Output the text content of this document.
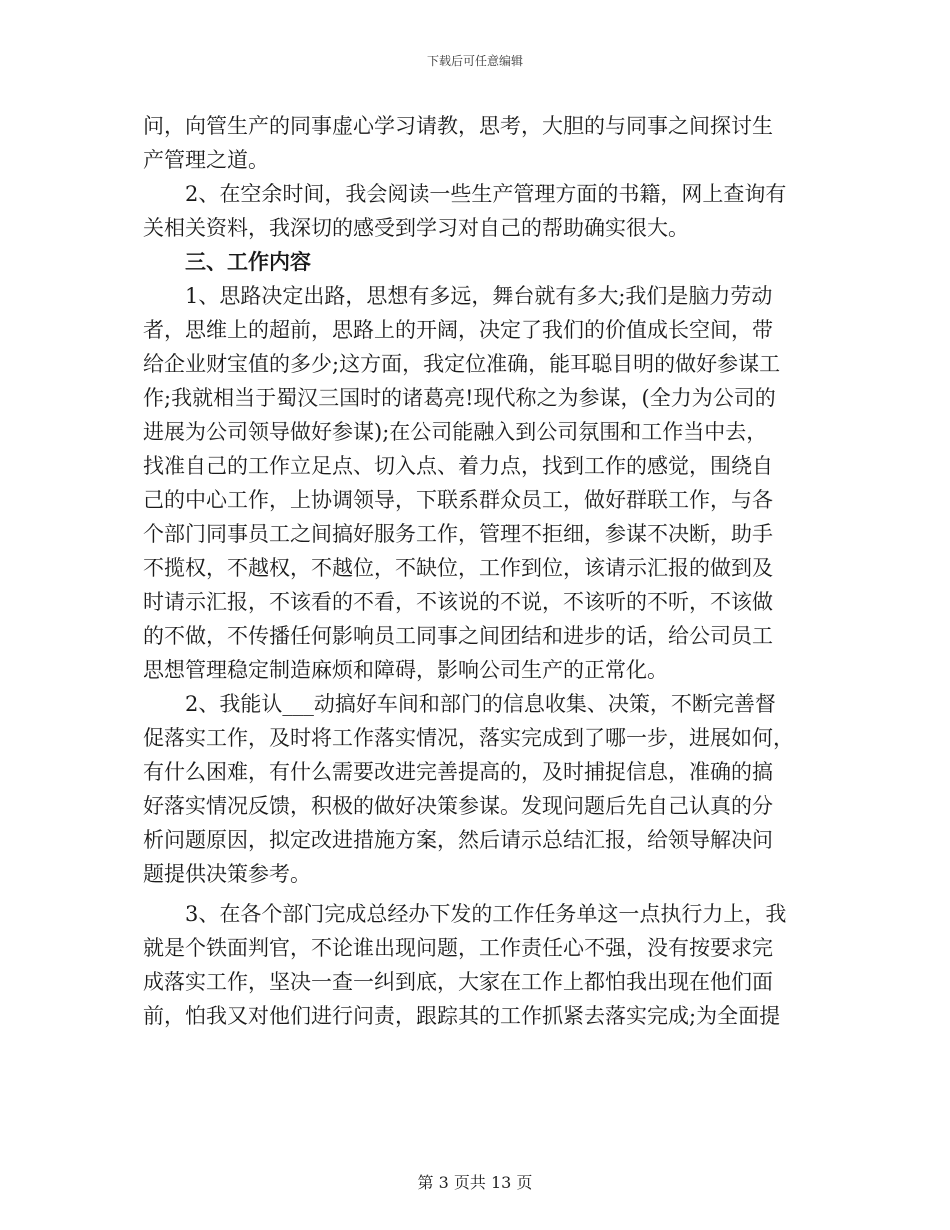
下载后可任意编辑
问，向管生产的同事虚心学习请教，思考，大胆的与同事之间探讨生
产管理之道。
2、在空余时间，我会阅读一些生产管理方面的书籍，网上查询有
关相关资料，我深切的感受到学习对自己的帮助确实很大。
三、工作内容
1、思路决定出路，思想有多远，舞台就有多大;我们是脑力劳动
者，思维上的超前，思路上的开阔，决定了我们的价值成长空间，带
给企业财宝值的多少;这方面，我定位准确，能耳聪目明的做好参谋工
作;我就相当于蜀汉三国时的诸葛亮!现代称之为参谋，(全力为公司的
进展为公司领导做好参谋);在公司能融入到公司氛围和工作当中去，
找准自己的工作立足点、切入点、着力点，找到工作的感觉，围绕自
己的中心工作，上协调领导，下联系群众员工，做好群联工作，与各
个部门同事员工之间搞好服务工作，管理不拒细，参谋不决断，助手
不揽权，不越权，不越位，不缺位，工作到位，该请示汇报的做到及
时请示汇报，不该看的不看，不该说的不说，不该听的不听，不该做
的不做，不传播任何影响员工同事之间团结和进步的话，给公司员工
思想管理稳定制造麻烦和障碍，影响公司生产的正常化。
2、我能认___动搞好车间和部门的信息收集、决策，不断完善督
促落实工作，及时将工作落实情况，落实完成到了哪一步，进展如何，
有什么困难，有什么需要改进完善提高的，及时捕捉信息，准确的搞
好落实情况反馈，积极的做好决策参谋。发现问题后先自己认真的分
析问题原因，拟定改进措施方案，然后请示总结汇报，给领导解决问
题提供决策参考。
3、在各个部门完成总经办下发的工作任务单这一点执行力上，我
就是个铁面判官，不论谁出现问题，工作责任心不强，没有按要求完
成落实工作，坚决一查一纠到底，大家在工作上都怕我出现在他们面
前，怕我又对他们进行问责，跟踪其的工作抓紧去落实完成;为全面提
第 3 页共 13 页
